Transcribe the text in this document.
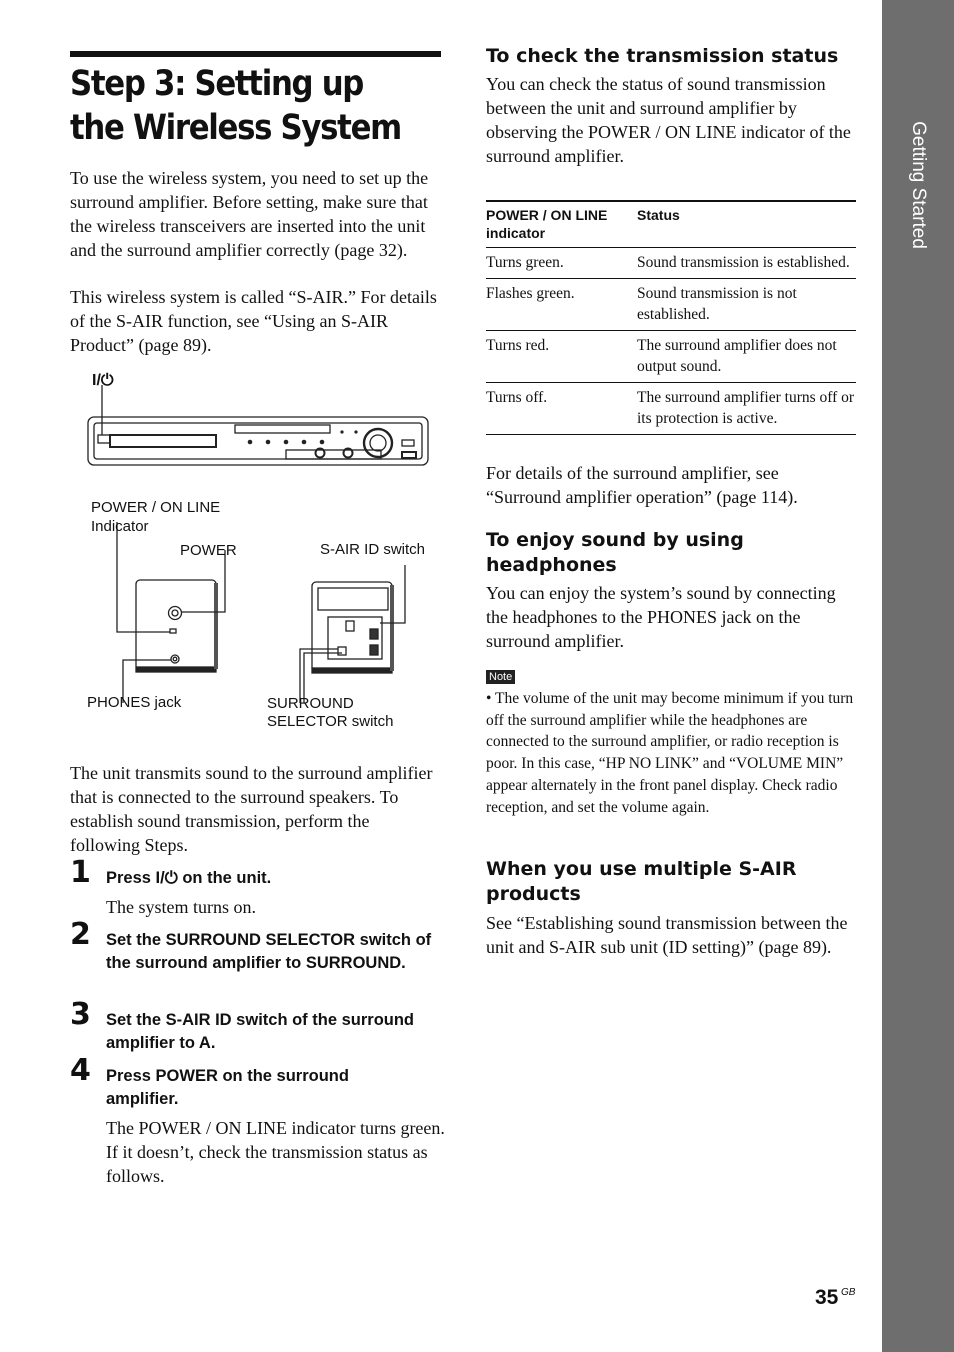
Getting Started
Step 3: Setting up the Wireless System

To use the wireless system, you need to set up the surround amplifier. Before setting, make sure that the wireless transceivers are inserted into the unit and the surround amplifier correctly (page 32).

This wireless system is called “S-AIR.” For details of the S-AIR function, see “Using an S-AIR Product” (page 89).

I/⏻
POWER / ON LINE
Indicator
POWER	S-AIR ID switch
PHONES jack	SURROUND
SELECTOR switch

The unit transmits sound to the surround amplifier that is connected to the surround speakers. To establish sound transmission, perform the following Steps.

1 Press I/⏻ on the unit.
The system turns on.
2 Set the SURROUND SELECTOR switch of the surround amplifier to SURROUND.
3 Set the S-AIR ID switch of the surround amplifier to A.
4 Press POWER on the surround amplifier.
The POWER / ON LINE indicator turns green. If it doesn’t, check the transmission status as follows.
To check the transmission status

You can check the status of sound transmission between the unit and surround amplifier by observing the POWER / ON LINE indicator of the surround amplifier.

POWER / ON LINE indicator	Status
Turns green.	Sound transmission is established.
Flashes green.	Sound transmission is not established.
Turns red.	The surround amplifier does not output sound.
Turns off.	The surround amplifier turns off or its protection is active.

For details of the surround amplifier, see “Surround amplifier operation” (page 114).

To enjoy sound by using headphones

You can enjoy the system’s sound by connecting the headphones to the PHONES jack on the surround amplifier.

Note
• The volume of the unit may become minimum if you turn off the surround amplifier while the headphones are connected to the surround amplifier, or radio reception is poor. In this case, “HP NO LINK” and “VOLUME MIN” appear alternately in the front panel display. Check radio reception, and set the volume again.
When you use multiple S-AIR products

See “Establishing sound transmission between the unit and S-AIR sub unit (ID setting)” (page 89).

35 GB
